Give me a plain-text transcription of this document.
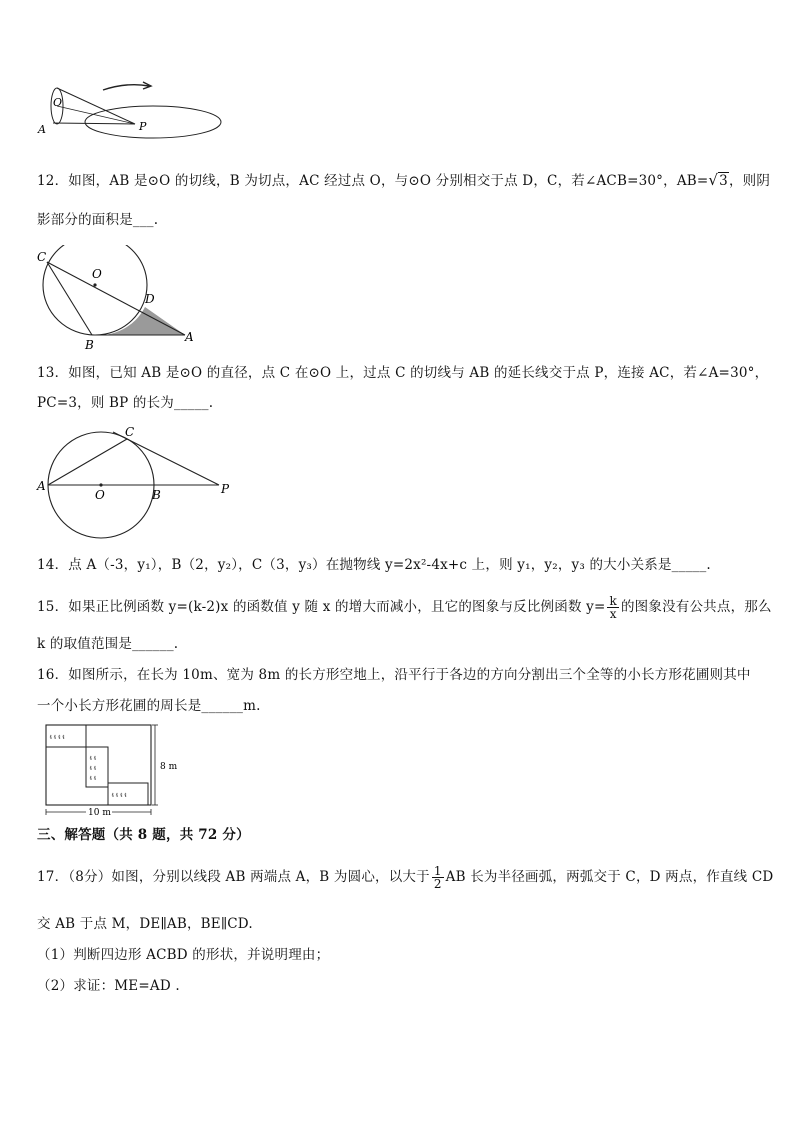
O
A	P
12．如图，AB 是⊙O 的切线，B 为切点，AC 经过点 O，与⊙O 分别相交于点 D，C，若∠ACB=30°，AB=√3，则阴
影部分的面积是___.
C
O
D
B
A
13．如图，已知 AB 是⊙O 的直径，点 C 在⊙O 上，过点 C 的切线与 AB 的延长线交于点 P，连接 AC，若∠A=30°，
PC=3，则 BP 的长为_____.
C
A
O	B	P
14．点 A（-3，y₁），B（2，y₂），C（3，y₃）在抛物线 y=2x²-4x+c 上，则 y₁，y₂，y₃ 的大小关系是_____.
15．如果正比例函数 y=(k-2)x 的函数值 y 随 x 的增大而减小，且它的图象与反比例函数 $y= \frac{k}{x}$ 的图象没有公共点，那么
k 的取值范围是______.
16．如图所示，在长为 10m、宽为 8m 的长方形空地上，沿平行于各边的方向分割出三个全等的小长方形花圃则其中
一个小长方形花圃的周长是______m.
ᵵ ᵵ ᵵ ᵵ
ᵵ ᵵ
ᵵ ᵵ
ᵵ ᵵ
ᵵ ᵵ ᵵ ᵵ
8 m
10 m
三、解答题（共 8 题，共 72 分）
17．（8分）如图，分别以线段 AB 两端点 A，B 为圆心，以大于 $\frac{1}{2}$ AB 长为半径画弧，两弧交于 C，D 两点，作直线 CD
交 AB 于点 M，DE∥AB，BE∥CD.
（1）判断四边形 ACBD 的形状，并说明理由；
（2）求证：ME=AD .
